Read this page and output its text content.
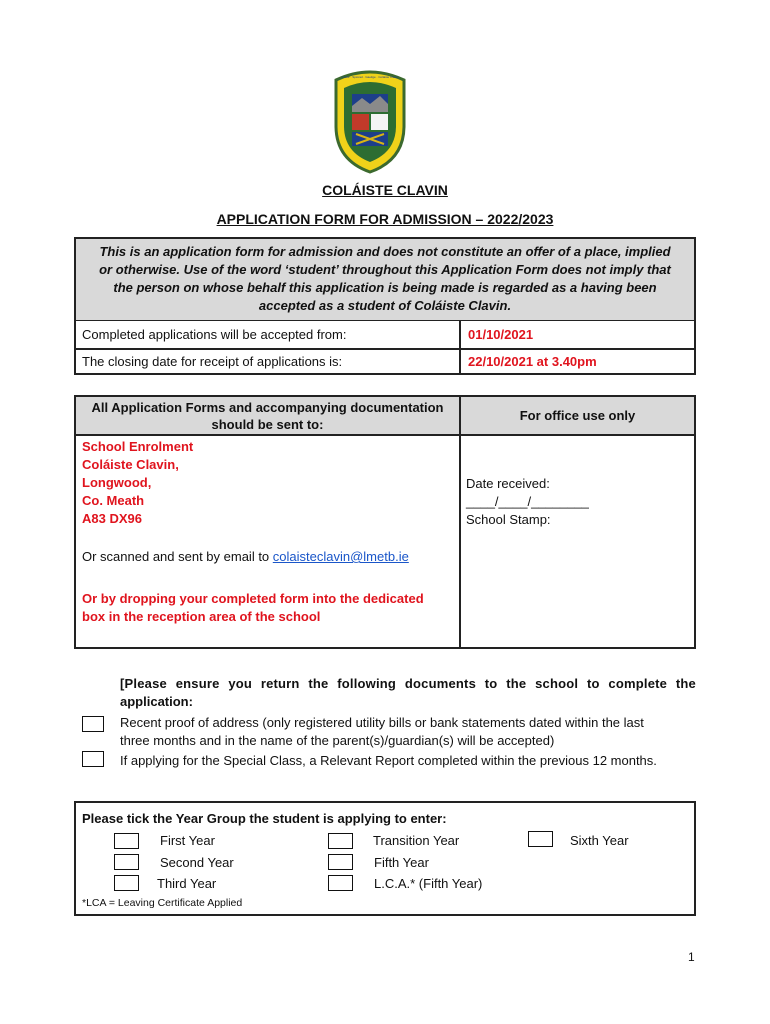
Cúltúr · Spiorad · Gaeilge · Coláiste Clavin
COLÁISTE CLAVIN
APPLICATION FORM FOR ADMISSION – 2022/2023
This is an application form for admission and does not constitute an offer of a place, implied
or otherwise. Use of the word ‘student’ throughout this Application Form does not imply that
the person on whose behalf this application is being made is regarded as a having been
accepted as a student of Coláiste Clavin.
Completed applications will be accepted from:	01/10/2021
The closing date for receipt of applications is:	22/10/2021 at 3.40pm
All Application Forms and accompanying documentation
should be sent to:
For office use only
School Enrolment
Coláiste Clavin,
Longwood,
Co. Meath
A83 DX96
Or scanned and sent by email to colaisteclavin@lmetb.ie
Or by dropping your completed form into the dedicated
box in the reception area of the school
Date received:
____/____/________
School Stamp:
[Please ensure you return the following documents to the school to complete the
application:
Recent proof of address (only registered utility bills or bank statements dated within the last
three months and in the name of the parent(s)/guardian(s) will be accepted)
If applying for the Special Class, a Relevant Report completed within the previous 12 months.
Please tick the Year Group the student is applying to enter:
First Year
Second Year
Third Year
Transition Year
Fifth Year
L.C.A.* (Fifth Year)
Sixth Year
*LCA = Leaving Certificate Applied
1
